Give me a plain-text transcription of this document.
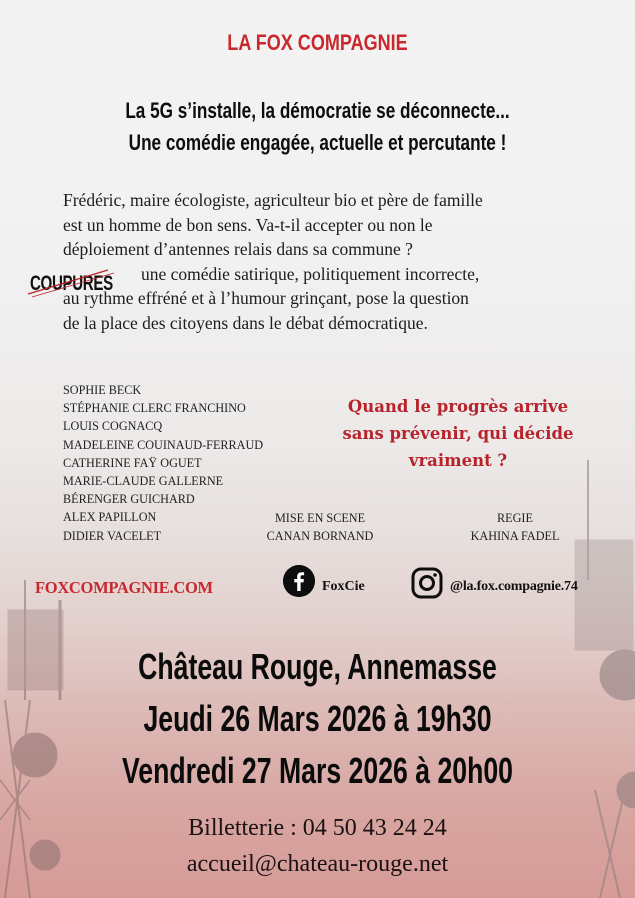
LA FOX COMPAGNIE
La 5G s’installe, la démocratie se déconnecte...
Une comédie engagée, actuelle et percutante !
Frédéric, maire écologiste, agriculteur bio et père de famille
est un homme de bon sens. Va-t-il accepter ou non le
déploiement d’antennes relais dans sa commune ?
une comédie satirique, politiquement incorrecte,
au rythme effréné et à l’humour grinçant, pose la question
de la place des citoyens dans le débat démocratique.
COUPURES
SOPHIE BECK
STÉPHANIE CLERC FRANCHINO
LOUIS COGNACQ
MADELEINE COUINAUD-FERRAUD
CATHERINE FAŸ OGUET
MARIE-CLAUDE GALLERNE
BÉRENGER GUICHARD
ALEX PAPILLON
DIDIER VACELET
MISE EN SCENE
CANAN BORNAND
REGIE
KAHINA FADEL
Quand le progrès arrive
sans prévenir, qui décide
vraiment ?
FOXCOMPAGNIE.COM	FoxCie	@la.fox.compagnie.74
Château Rouge, Annemasse
Jeudi 26 Mars 2026 à 19h30
Vendredi 27 Mars 2026 à 20h00
Billetterie : 04 50 43 24 24
accueil@chateau-rouge.net
